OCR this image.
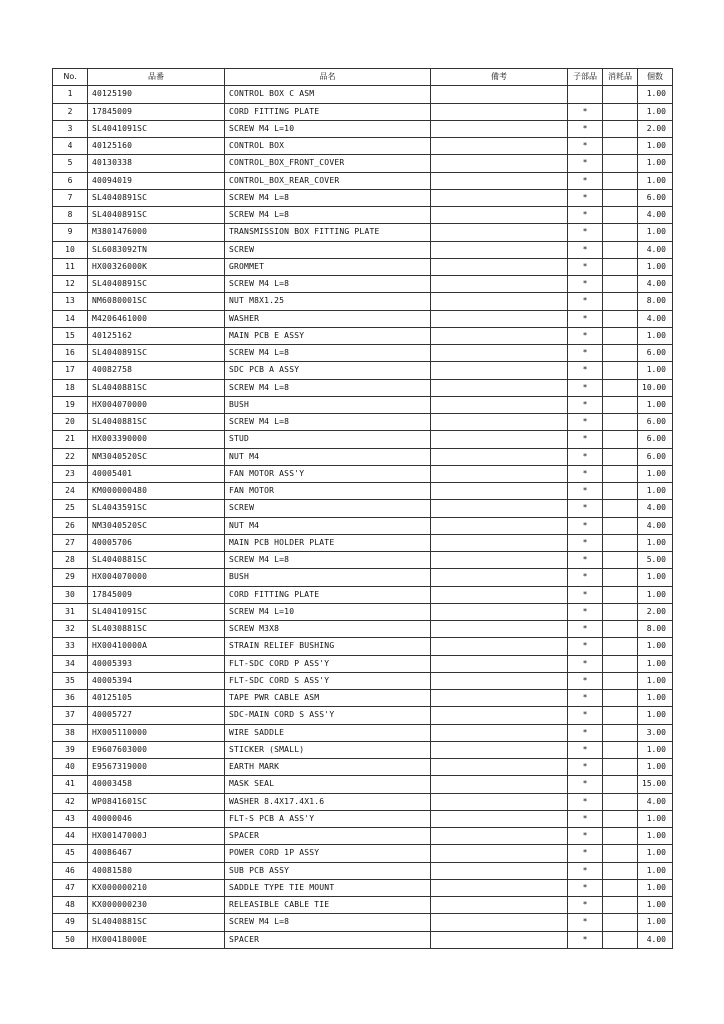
No.	品番	品名	備考	子部品	消耗品	個数
1	40125190	CONTROL BOX C ASM				1.00
2	17845009	CORD FITTING PLATE		*		1.00
3	SL4041091SC	SCREW M4 L=10		*		2.00
4	40125160	CONTROL BOX		*		1.00
5	40130338	CONTROL_BOX_FRONT_COVER		*		1.00
6	40094019	CONTROL_BOX_REAR_COVER		*		1.00
7	SL4040891SC	SCREW M4 L=8		*		6.00
8	SL4040891SC	SCREW M4 L=8		*		4.00
9	M3801476000	TRANSMISSION BOX FITTING PLATE		*		1.00
10	SL6083092TN	SCREW		*		4.00
11	HX00326000K	GROMMET		*		1.00
12	SL4040891SC	SCREW M4 L=8		*		4.00
13	NM6080001SC	NUT M8X1.25		*		8.00
14	M4206461000	WASHER		*		4.00
15	40125162	MAIN PCB E ASSY		*		1.00
16	SL4040891SC	SCREW M4 L=8		*		6.00
17	40082758	SDC PCB A ASSY		*		1.00
18	SL4040881SC	SCREW M4 L=8		*		10.00
19	HX004070000	BUSH		*		1.00
20	SL4040881SC	SCREW M4 L=8		*		6.00
21	HX003390000	STUD		*		6.00
22	NM3040520SC	NUT M4		*		6.00
23	40005401	FAN MOTOR ASS'Y		*		1.00
24	KM000000480	FAN MOTOR		*		1.00
25	SL4043591SC	SCREW		*		4.00
26	NM3040520SC	NUT M4		*		4.00
27	40005706	MAIN PCB HOLDER PLATE		*		1.00
28	SL4040881SC	SCREW M4 L=8		*		5.00
29	HX004070000	BUSH		*		1.00
30	17845009	CORD FITTING PLATE		*		1.00
31	SL4041091SC	SCREW M4 L=10		*		2.00
32	SL4030881SC	SCREW M3X8		*		8.00
33	HX00410000A	STRAIN RELIEF BUSHING		*		1.00
34	40005393	FLT-SDC CORD P ASS'Y		*		1.00
35	40005394	FLT-SDC CORD S ASS'Y		*		1.00
36	40125105	TAPE PWR CABLE ASM		*		1.00
37	40005727	SDC-MAIN CORD S ASS'Y		*		1.00
38	HX005110000	WIRE SADDLE		*		3.00
39	E9607603000	STICKER (SMALL)		*		1.00
40	E9567319000	EARTH MARK		*		1.00
41	40003458	MASK SEAL		*		15.00
42	WP0841601SC	WASHER 8.4X17.4X1.6		*		4.00
43	40000046	FLT-S PCB A ASS'Y		*		1.00
44	HX00147000J	SPACER		*		1.00
45	40086467	POWER CORD 1P ASSY		*		1.00
46	40081580	SUB PCB ASSY		*		1.00
47	KX000000210	SADDLE TYPE TIE MOUNT		*		1.00
48	KX000000230	RELEASIBLE CABLE TIE		*		1.00
49	SL4040881SC	SCREW M4 L=8		*		1.00
50	HX00418000E	SPACER		*		4.00
